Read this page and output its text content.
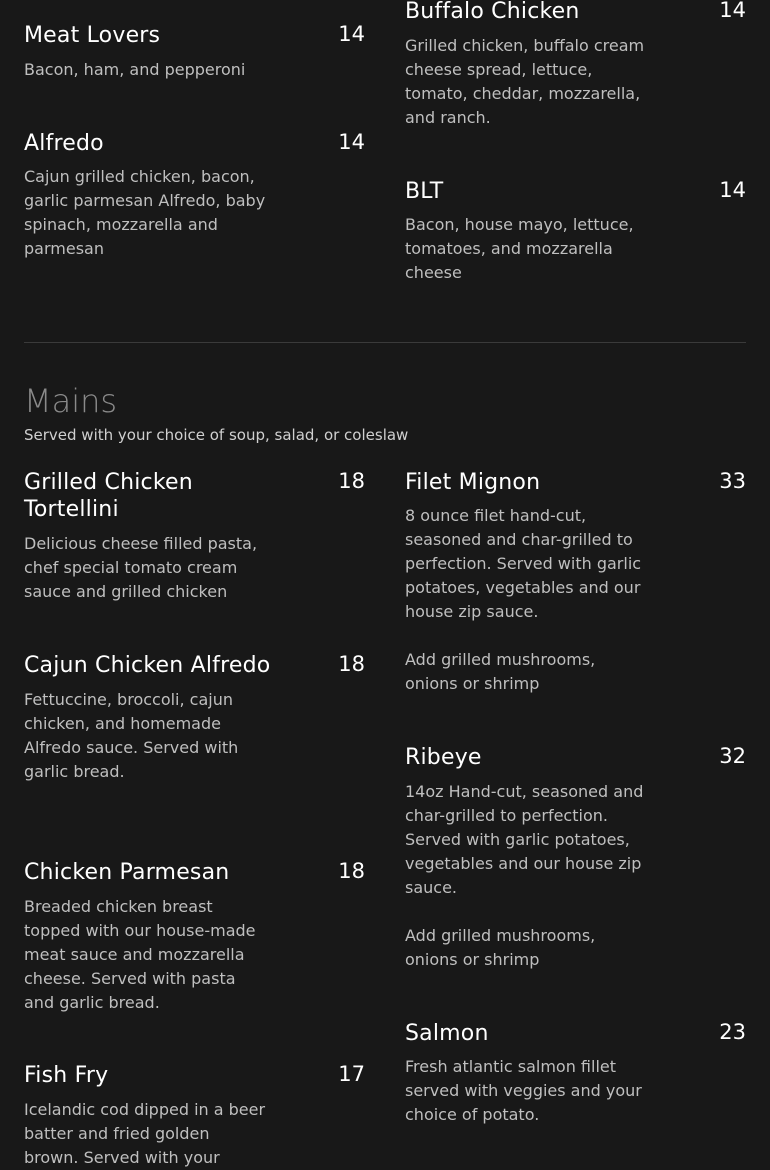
14
Meat Lovers

Bacon, ham, and pepperoni

14
Alfredo

Cajun grilled chicken, bacon, garlic parmesan Alfredo, baby spinach, mozzarella and parmesan

14
Buffalo Chicken

Grilled chicken, buffalo cream cheese spread, lettuce, tomato, cheddar, mozzarella, and ranch.

14
BLT

Bacon, house mayo, lettuce, tomatoes, and mozzarella cheese

Mains
Served with your choice of soup, salad, or coleslaw
18
Grilled Chicken Tortellini

Delicious cheese filled pasta, chef special tomato cream sauce and grilled chicken

18
Cajun Chicken Alfredo

Fettuccine, broccoli, cajun chicken, and homemade Alfredo sauce. Served with garlic bread.

18
Chicken Parmesan

Breaded chicken breast topped with our house-made meat sauce and mozzarella cheese. Served with pasta and garlic bread.

17
Fish Fry

Icelandic cod dipped in a beer batter and fried golden brown. Served with your

33
Filet Mignon

8 ounce filet hand-cut, seasoned and char-grilled to perfection. Served with garlic potatoes, vegetables and our house zip sauce.

Add grilled mushrooms, onions or shrimp

32
Ribeye

14oz Hand-cut, seasoned and char-grilled to perfection. Served with garlic potatoes, vegetables and our house zip sauce.

Add grilled mushrooms, onions or shrimp

23
Salmon

Fresh atlantic salmon fillet served with veggies and your choice of potato.
